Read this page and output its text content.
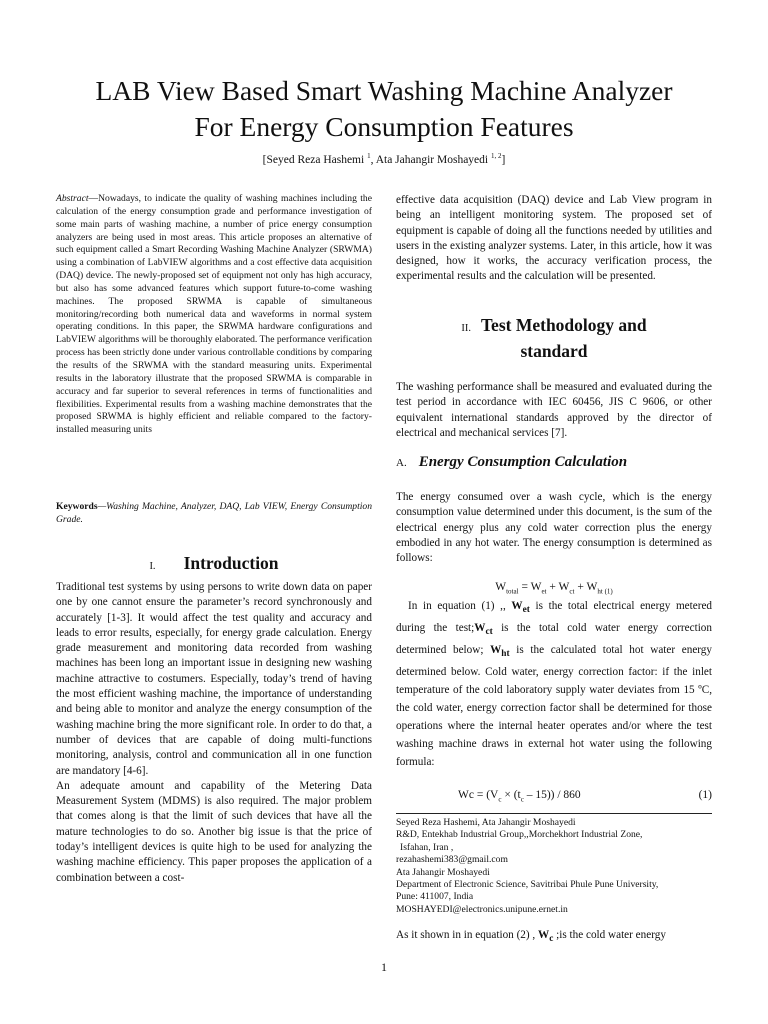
LAB View Based Smart Washing Machine Analyzer
For Energy Consumption Features
[Seyed Reza Hashemi $^1$, Ata Jahangir Moshayedi $^{1, 2}$]

Abstract—Nowadays, to indicate the quality of washing machines including the calculation of the energy consumption grade and performance investigation of some main parts of washing machine, a number of price energy consumption analyzers are being used in most areas. This article proposes an alternative of such equipment called a Smart Recording Washing Machine Analyzer (SRWMA) using a combination of LabVIEW algorithms and a cost effective data acquisition (DAQ) device. The newly-proposed set of equipment not only has high accuracy, but also has some advanced features which support future-to-come washing machines. The proposed SRWMA is capable of simultaneous monitoring/recording both numerical data and waveforms in normal system operating conditions. In this paper, the SRWMA hardware configurations and LabVIEW algorithms will be thoroughly elaborated. The performance verification process has been strictly done under various controllable conditions by comparing the results of the SRWMA with the standard measuring units. Experimental results in the laboratory illustrate that the proposed SRWMA is comparable in accuracy and far superior to several references in terms of functionalities and flexibilities. Experimental results from a washing machine demonstrates that the proposed SRWMA is highly efficient and reliable compared to the factory-installed measuring units

Keywords—Washing Machine, Analyzer, DAQ, Lab VIEW, Energy Consumption Grade.

I. Introduction
Traditional test systems by using persons to write down data on paper one by one cannot ensure the parameter’s record synchronously and accurately [1-3]. It would affect the test quality and accuracy and leads to error results, especially, for energy grade calculation. Energy grade measurement and monitoring data recorded from washing machines has been long an important issue in designing new washing machine attractive to costumers. Especially, today’s trend of having the most efficient washing machine, the importance of understanding and being able to monitor and analyze the energy consumption of the washing machine bring the more significant role. In order to do that, a number of devices that are capable of doing multi-functions monitoring, analysis, control and communication all in one function are mandatory [4-6].
An adequate amount and capability of the Metering Data Measurement System (MDMS) is also required. The major problem that comes along is that the limit of such devices that have all the mature technologies to do so. Another big issue is that the price of today’s intelligent devices is quite high to be used for analyzing the washing machine efficiency. This paper proposes the application of a combination between a cost-

effective data acquisition (DAQ) device and Lab View program in being an intelligent monitoring system. The proposed set of equipment is capable of doing all the functions needed by utilities and users in the existing analyzer systems. Later, in this article, how it was designed, how it works, the accuracy verification process, the experimental results and the calculation will be presented.

II. Test Methodology and
standard

The washing performance shall be measured and evaluated during the test period in accordance with IEC 60456, JIS C 9606, or other equivalent international standards approved by the director of electrical and mechanical services [7].

A. Energy Consumption Calculation

The energy consumed over a wash cycle, which is the energy consumption value determined under this document, is the sum of the electrical energy plus any cold water correction plus the energy embodied in any hot water. The energy consumption is determined as follows:

$W_{total} = W_{et} + W_{ct} + W_{ht}$ $_{(1)}$

In in equation (1) ,, $W_{et}$ is the total electrical energy metered during the $test;W_{ct}$ is the total cold water energy correction determined below; $W_{ht}$ is the calculated total hot water energy determined below. Cold water, energy correction factor: if the inlet temperature of the cold laboratory supply water deviates from 15 ºC, the cold water, energy correction factor shall be determined for those operations where the internal heater operates and/or where the test washing machine draws in external hot water using the following formula:

$Wc = (V_c \times (t_c - 15)) / 860$	(1)
Seyed Reza Hashemi, Ata Jahangir Moshayedi
R&D, Entekhab Industrial Group,,Morchekhort Industrial Zone,
Isfahan, Iran ,
rezahashemi383@gmail.com
Ata Jahangir Moshayedi
Department of Electronic Science, Savitribai Phule Pune University,
Pune: 411007, India
MOSHAYEDI@electronics.unipune.ernet.in

As it shown in in equation (2) , $W_c$ ;is the cold water energy

1
